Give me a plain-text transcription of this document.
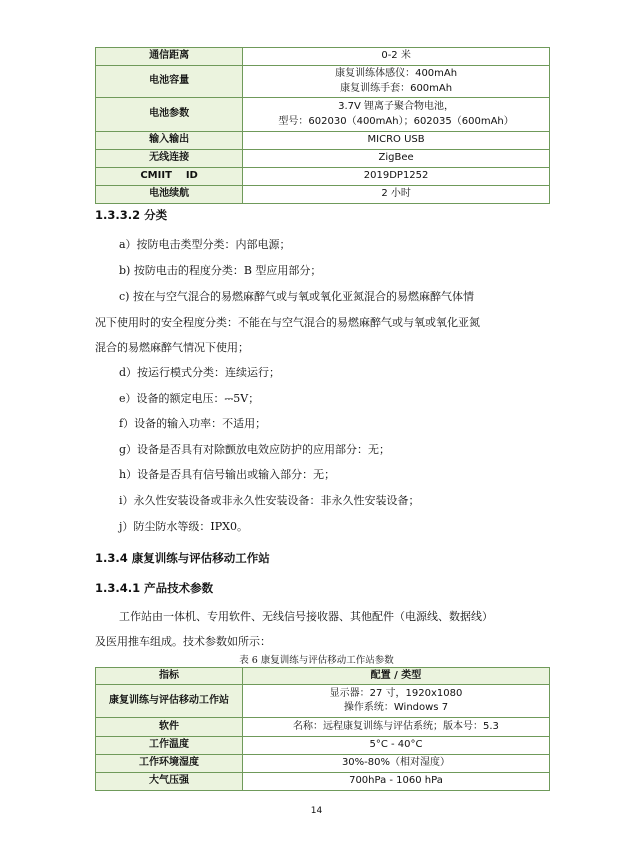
通信距离	0-2 米
电池容量	康复训练体感仪：400mAh
康复训练手套：600mAh

电池参数	3.7V 锂离子聚合物电池，
型号：602030（400mAh）；602035（600mAh）

输入输出	MICRO USB
无线连接	ZigBee
CMIIT    ID	2019DP1252
电池续航	2 小时
1.3.3.2 分类
a）按防电击类型分类：内部电源；
b) 按防电击的程度分类：B 型应用部分；
c) 按在与空气混合的易燃麻醉气或与氧或氧化亚氮混合的易燃麻醉气体情
况下使用时的安全程度分类：不能在与空气混合的易燃麻醉气或与氧或氧化亚氮
混合的易燃麻醉气情况下使用；
d）按运行模式分类：连续运行；
e）设备的额定电压：⎓5V；
f）设备的输入功率：不适用；
g）设备是否具有对除颤放电效应防护的应用部分：无；
h）设备是否具有信号输出或输入部分：无；
i）永久性安装设备或非永久性安装设备：非永久性安装设备；
j）防尘防水等级：IPX0。
1.3.4 康复训练与评估移动工作站
1.3.4.1 产品技术参数
工作站由一体机、专用软件、无线信号接收器、其他配件（电源线、数据线）
及医用推车组成。技术参数如所示：
表 6 康复训练与评估移动工作站参数
指标	配置 / 类型
康复训练与评估移动工作站	显示器：27 寸，1920x1080
操作系统：Windows 7

软件	名称：远程康复训练与评估系统；版本号：5.3
工作温度	5°C - 40°C
工作环境湿度	30%-80%（相对湿度）
大气压强	700hPa - 1060 hPa
14
